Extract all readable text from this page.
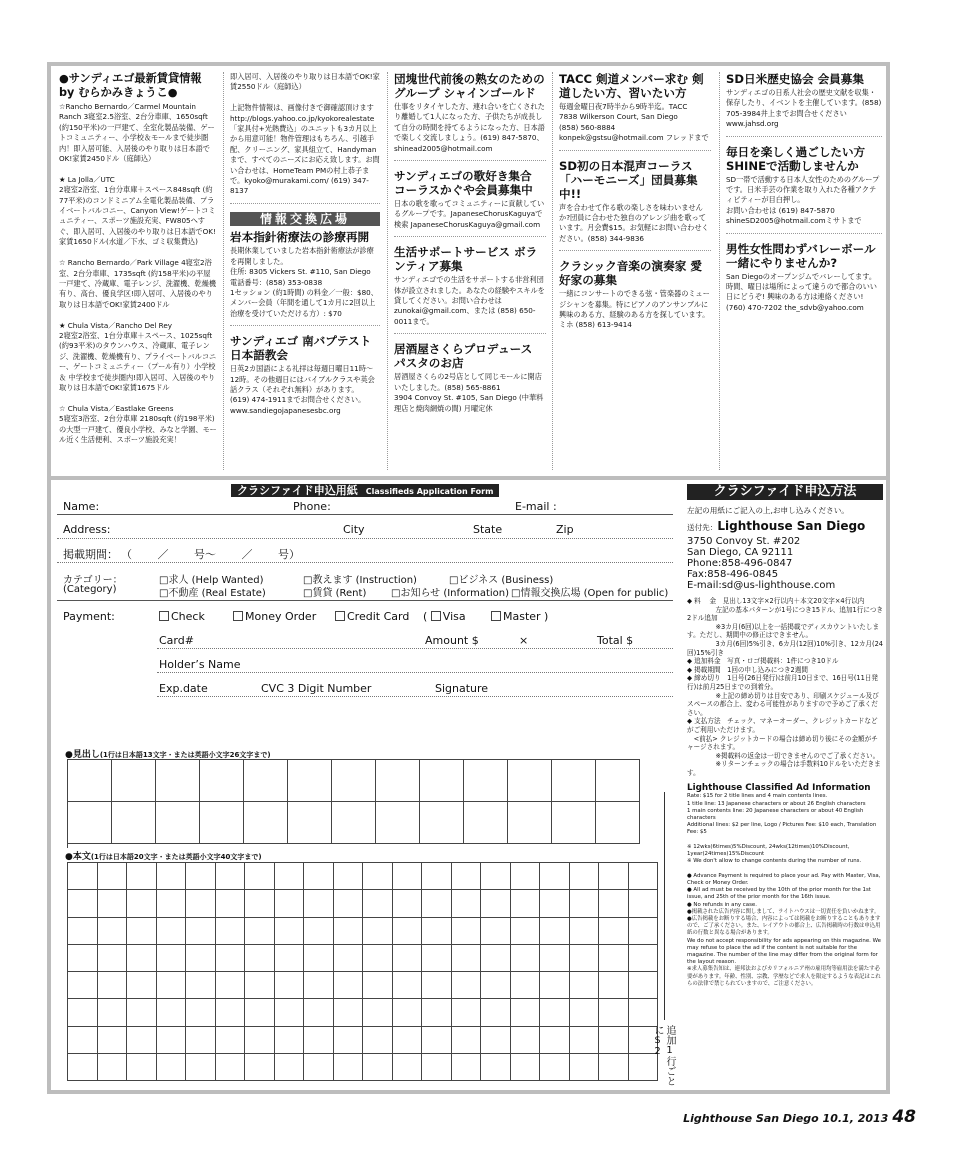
●サンディエゴ最新賃貸情報 by むらかみきょうこ●

☆Rancho Bernardo／Carmel Mountain Ranch 3寝室2.5浴室、2台分車庫、1650sqft (約150平米)の一戸建て、全室化製品装備、ゲートコミュニティー、小学校＆モールまで徒歩圏内！即入居可能、入居後のやり取りは日本語でOK!家賃2450ドル（庭師込）

★ La Jolla／UTC
2寝室2浴室、1台分車庫＋スペース848sqft (約77平米)のコンドミニアム全電化製品装備、プライベートバルコニー、Canyon View!ゲートコミュニティー、スポーツ施設充実、FW805へすぐ、即入居可、入居後のやり取りは日本語でOK!家賃1650ドル(水道／下水、ゴミ収集費込)

☆ Rancho Bernardo／Park Village 4寝室2浴室、2台分車庫、1735sqft (約158平米)の平屋一戸建て、冷蔵庫、電子レンジ、洗濯機、乾燥機有り、高台、優良学区!即入居可、入居後のやり取りは日本語でOK!家賃2400ドル

★ Chula Vista／Rancho Del Rey
2寝室2浴室、1台分車庫＋スペース、1025sqft (約93平米)のタウンハウス、冷蔵庫、電子レンジ、洗濯機、乾燥機有り、プライベートバルコニー、ゲートコミュニティー（プール有り）小学校 ＆ 中学校まで徒歩圏内!即入居可、入居後のやり取りは日本語でOK!家賃1675ドル

☆ Chula Vista／Eastlake Greens
5寝室3浴室、2台分車庫 2180sqft (約198平米)の大型一戸建て、優良小学校、みなと学園、モール近く生活便利、スポーツ施設充実！

即入居可、入居後のやり取りは日本語でOK!家賃2550ドル（庭師込）

上記物件情報は、画像付きで御確認頂けますhttp://blogs.yahoo.co.jp/kyokorealestate「家具付+光熱費込」のユニットも3カ月以上から用意可能！物件管理はもちろん、引越手配、クリーニング、家具組立て、Handymanまで、すべてのニーズにお応え致します。お問い合わせは、HomeTeam PMの村上恭子まで。kyoko@murakami.com/ (619) 347-8137

情報交換広場
岩本指針術療法の診療再開

長期休業していました岩本指針術療法が診療を再開しました。
住所: 8305 Vickers St. #110, San Diego
電話番号：(858) 353-0838
1セッション (約1時間) の料金／一般：$80、メンバー会員（年間を通して1カ月に2回以上治療を受けていただける方）: $70

サンディエゴ 南バプテスト日本語教会

日英2カ国語による礼拝は毎週日曜日11時〜12時。その他週日にはバイブルクラスや英会話クラス（それぞれ無料）があります。
(619) 474-1911までお問合せください。
www.sandiegojapanesesbc.org

団塊世代前後の熟女のための グループ シャインゴールド

仕事をリタイヤした方、連れ合いを亡くされたり離婚して1人になった方、子供たちが成長して自分の時間を持てるようになった方、日本語で楽しく交流しましょう。(619) 847-5870、shinead2005@hotmail.com

サンディエゴの歌好き集合 コーラスかぐや会員募集中

日本の歌を歌ってコミュニティーに貢献しているグループです。JapaneseChorusKaguyaで検索 JapaneseChorusKaguya@gmail.com

生活サポートサービス ボランティア募集

サンディエゴでの生活をサポートする非営利団体が設立されました。あなたの経験やスキルを貸してください。お問い合わせはzunokai@gmail.com、または (858) 650-0011まで。

居酒屋さくらプロデュース パスタのお店

居酒屋さくらの2号店として同じモールに開店いたしました。(858) 565-8861
3904 Convoy St. #105, San Diego (中華料理店と焼肉網焼の間) 月曜定休

TACC 剣道メンバー求む 剣道したい方、習いたい方

毎週金曜日夜7時半から9時半迄。TACC
7838 Wilkerson Court, San Diego
(858) 560-8884
konpek@gstsu@hotmail.com フレッドまで

SD初の日本混声コーラス 「ハーモニーズ」団員募集中!!

声を合わせて作る歌の楽しさを味わいませんか?団員に合わせた独自のアレンジ曲を歌っています。月会費$15。お気軽にお問い合わせください。(858) 344-9836

クラシック音楽の演奏家 愛好家の募集

一緒にコンサートのできる弦・管楽器のミュージシャンを募集。特にピアノのアンサンブルに興味のある方、経験のある方を探しています。ミホ (858) 613-9414

SD日米歴史協会 会員募集

サンディエゴの日系人社会の歴史文献を収集・保存したり、イベントを主催しています。(858) 705-3984井上までお問合せください www.jahsd.org

毎日を楽しく過ごしたい方 SHINEで活動しませんか

SD一帯で活動する日本人女性のためのグループです。日米手芸の作業を取り入れた各種アクティビティーが目白押し。
お問い合わせは (619) 847-5870
shineSD2005@hotmail.comミサトまで

男性女性問わずバレーボール 一緒にやりませんか?

San Diegoのオープンジムでバレーしてます。時間、曜日は場所によって違うので都合のいい日にどうぞ! 興味のある方は連絡ください!
(760) 470-7202 the_sdvb@yahoo.com

クラシファイド申込用紙 Classifieds Application Form
Name:	Phone:	E-mail :
Address:	City	State	Zip
掲載期間： （　　 ／　　 号〜　　 ／　　 号）
カテゴリー：
(Category)
□求人 (Help Wanted)	□教えます (Instruction)	□ビジネス (Business)
□不動産 (Real Estate)	□賃貸 (Rent) □お知らせ (Information) □情報交換広場 (Open for public)
Payment:	Check	Money Order	Credit Card ( Visa	Master )
Card#	Amount $	×	Total $
Holder’s Name
Exp.date	CVC 3 Digit Number	Signature
●見出し(1行は日本語13文字・または英語小文字26文字まで)
●本文(1行は日本語20文字・または英語小文字40文字まで)
追加1行ごとに$2
クラシファイド申込方法

左記の用紙にご記入の上,お申し込みください。

送付先：Lighthouse San Diego

3750 Convoy St. #202
San Diego, CA 92111
Phone:858-496-0847
Fax:858-496-0845
E-mail:sd@us-lighthouse.com

◆ 料　 金　見出し13文字×2行以内＋本文20文字×4行以内
　　　　 左記の基本パターンが1号につき15ドル、追加1行につき2ドル追加
　　　　 ※3カ月(6回)以上を一括掲載でディスカウントいたします。ただし、期間中の修正はできません。
　　　　 3カ月(6回)5%引き、6カ月(12回)10%引き、12カ月(24回)15%引き
◆ 追加料金　写真・ロゴ掲載料：1件につき10ドル
◆ 掲載期間　1回の申し込みにつき2週間
◆ 締め切り　1日号(26日発行)は前月10日まで、16日号(11日発行)は前月25日までの到着分。
　　　　 ※上記の締め切りは目安であり、印刷スケジュール及びスペースの都合上、変わる可能性がありますので予めご了承ください。
◆ 支払方法　チェック、マネーオーダー、クレジットカードなどがご利用いただけます。
　<前払> クレジットカードの場合は締め切り後にその金額がチャージされます。
　　　　 ※掲載料の返金は一切できませんのでご了承ください。
　　　　 ※リターンチェックの場合は手数料10ドルをいただきます。

Lighthouse Classified Ad Information

Rate: $15 for 2 title lines and 4 main contents lines.
1 title line: 13 Japanese characters or about 26 English characters
1 main contents line: 20 Japanese characters or about 40 English characters
Additional lines: $2 per line, Logo / Pictures Fee: $10 each, Translation Fee: $5

※ 12wks(6times)5%Discount, 24wks(12times)10%Discount, 1year(24times)15%Discount
※ We don't allow to change contents during the number of runs.

● Advance Payment is required to place your ad. Pay with Master, Visa, Check or Money Order.
● All ad must be received by the 10th of the prior month for the 1st issue, and 25th of the prior month for the 16th issue.
● No refunds in any case.
●掲載された広告内容に関しまして、ライトハウスは一切責任を負いかねます。
●広告掲載をお断りする場合、内容によっては掲載をお断りすることもありますので、ご了承ください。また、レイアウトの都合上、広告掲載時の行数は申込用紙の行数と異なる場合があります。
We do not accept responsibility for ads appearing on this magazine. We may refuse to place the ad if the content is not suitable for the magazine. The number of the line may differ from the original form for the layout reason.
※求人募集告知は、連邦法およびカリフォルニア州の雇用均等雇用法を満たす必要があります。年齢、性別、宗教、学歴などで求人を限定するような表記はこれらの法律で禁じられていますので、ご注意ください。

Lighthouse San Diego 10.1, 2013 48
